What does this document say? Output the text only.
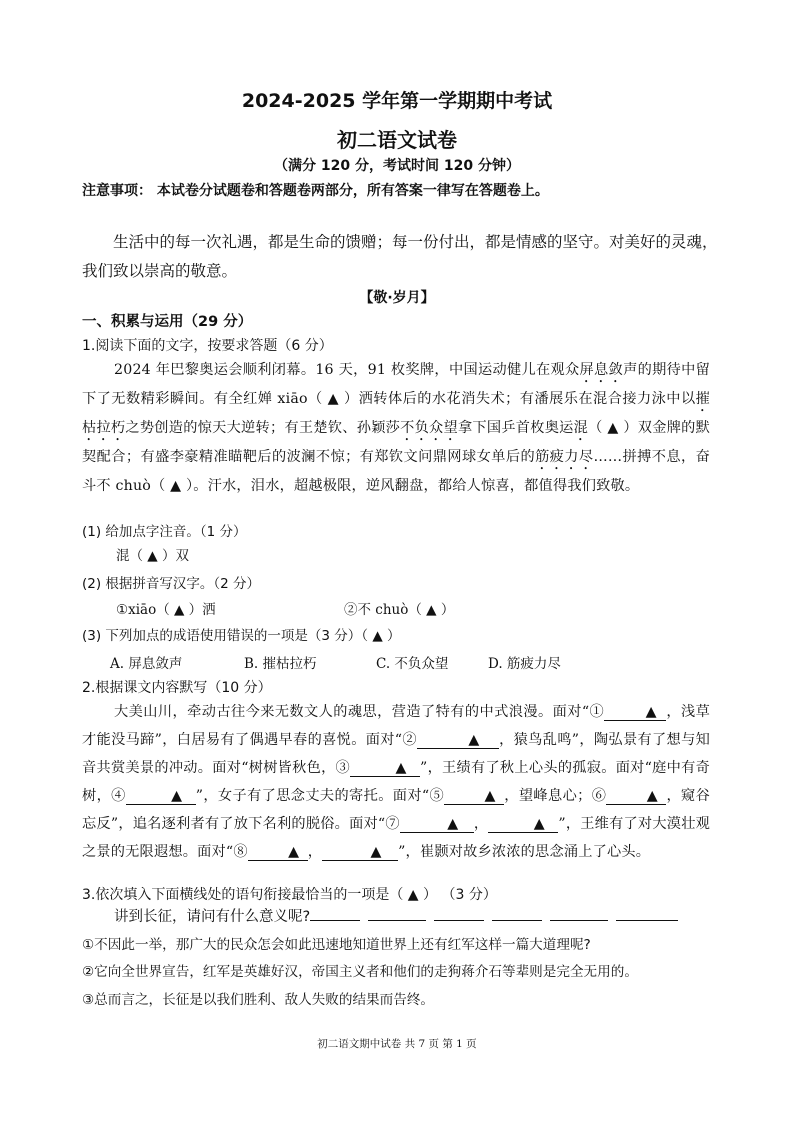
2024-2025 学年第一学期期中考试
初二语文试卷
（满分 120 分，考试时间 120 分钟）
注意事项： 本试卷分试题卷和答题卷两部分，所有答案一律写在答题卷上。
生活中的每一次礼遇，都是生命的馈赠；每一份付出，都是情感的坚守。对美好的灵魂，我们致以崇高的敬意。
【敬·岁月】
一、积累与运用（29 分）
1.阅读下面的文字，按要求答题（6 分）
2024 年巴黎奥运会顺利闭幕。16 天，91 枚奖牌，中国运动健儿在观众屏息敛声的期待中留下了无数精彩瞬间。有全红婵 xiāo（ ▲ ）洒转体后的水花消失术；有潘展乐在混合接力泳中以摧枯拉朽之势创造的惊天大逆转；有王楚钦、孙颖莎不负众望拿下国乒首枚奥运混（ ▲ ）双金牌的默契配合；有盛李豪精准瞄靶后的波澜不惊；有郑钦文问鼎网球女单后的筋疲力尽……拼搏不息，奋斗不 chuò（ ▲ ）。汗水，泪水，超越极限，逆风翻盘，都给人惊喜，都值得我们致敬。
(1) 给加点字注音。（1 分）
混（ ▲ ）双
(2) 根据拼音写汉字。（2 分）
①xiāo（ ▲ ）洒	②不 chuò（ ▲ ）
(3) 下列加点的成语使用错误的一项是（3 分）（ ▲ ）
A. 屏息敛声	B. 摧枯拉朽	C. 不负众望	D. 筋疲力尽
2.根据课文内容默写（10 分）
大美山川，牵动古往今来无数文人的魂思，营造了特有的中式浪漫。面对“①	▲ ，浅草才能没马蹄”，白居易有了偶遇早春的喜悦。面对“②	▲ ，猿鸟乱鸣”，陶弘景有了想与知音共赏美景的冲动。面对“树树皆秋色，③	▲ ”，王绩有了秋上心头的孤寂。面对“庭中有奇树，④	▲ ”，女子有了思念丈夫的寄托。面对“⑤	▲ ，望峰息心；⑥	▲ ，窥谷忘反”，追名逐利者有了放下名利的脱俗。面对“⑦	▲ ，	▲ ”，王维有了对大漠壮观之景的无限遐想。面对“⑧	▲ ，	▲ ”，崔颢对故乡浓浓的思念涌上了心头。
3.依次填入下面横线处的语句衔接最恰当的一项是（ ▲ ） （3 分）
讲到长征，请问有什么意义呢?
①不因此一举，那广大的民众怎会如此迅速地知道世界上还有红军这样一篇大道理呢?
②它向全世界宣告，红军是英雄好汉，帝国主义者和他们的走狗蒋介石等辈则是完全无用的。
③总而言之，长征是以我们胜利、敌人失败的结果而告终。
初二语文期中试卷 共 7 页 第 1 页
